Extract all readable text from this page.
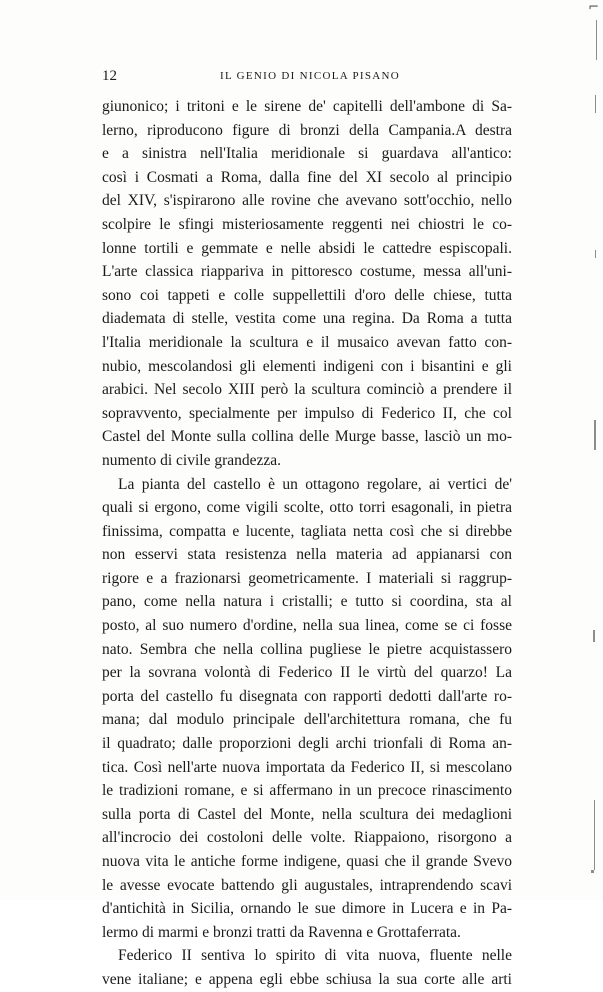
12	IL GENIO DI NICOLA PISANO
giunonico; i tritoni e le sirene de' capitelli dell'ambone di Sa-
lerno, riproducono figure di bronzi della Campania.A destra
e a sinistra nell'Italia meridionale si guardava all'antico:
così i Cosmati a Roma, dalla fine del XI secolo al principio
del XIV, s'ispirarono alle rovine che avevano sott'occhio, nello
scolpire le sfingi misteriosamente reggenti nei chiostri le co-
lonne tortili e gemmate e nelle absidi le cattedre espiscopali.
L'arte classica riappariva in pittoresco costume, messa all'uni-
sono coi tappeti e colle suppellettili d'oro delle chiese, tutta
diademata di stelle, vestita come una regina. Da Roma a tutta
l'Italia meridionale la scultura e il musaico avevan fatto con-
nubio, mescolandosi gli elementi indigeni con i bisantini e gli
arabici. Nel secolo XIII però la scultura cominciò a prendere il
sopravvento, specialmente per impulso di Federico II, che col
Castel del Monte sulla collina delle Murge basse, lasciò un mo-
numento di civile grandezza.
La pianta del castello è un ottagono regolare, ai vertici de'
quali si ergono, come vigili scolte, otto torri esagonali, in pietra
finissima, compatta e lucente, tagliata netta così che si direbbe
non esservi stata resistenza nella materia ad appianarsi con
rigore e a frazionarsi geometricamente. I materiali si raggrup-
pano, come nella natura i cristalli; e tutto si coordina, sta al
posto, al suo numero d'ordine, nella sua linea, come se ci fosse
nato. Sembra che nella collina pugliese le pietre acquistassero
per la sovrana volontà di Federico II le virtù del quarzo! La
porta del castello fu disegnata con rapporti dedotti dall'arte ro-
mana; dal modulo principale dell'architettura romana, che fu
il quadrato; dalle proporzioni degli archi trionfali di Roma an-
tica. Così nell'arte nuova importata da Federico II, si mescolano
le tradizioni romane, e si affermano in un precoce rinascimento
sulla porta di Castel del Monte, nella scultura dei medaglioni
all'incrocio dei costoloni delle volte. Riappaiono, risorgono a
nuova vita le antiche forme indigene, quasi che il grande Svevo
le avesse evocate battendo gli augustales, intraprendendo scavi
d'antichità in Sicilia, ornando le sue dimore in Lucera e in Pa-
lermo di marmi e bronzi tratti da Ravenna e Grottaferrata.
Federico II sentiva lo spirito di vita nuova, fluente nelle
vene italiane; e appena egli ebbe schiusa la sua corte alle arti
⌐
